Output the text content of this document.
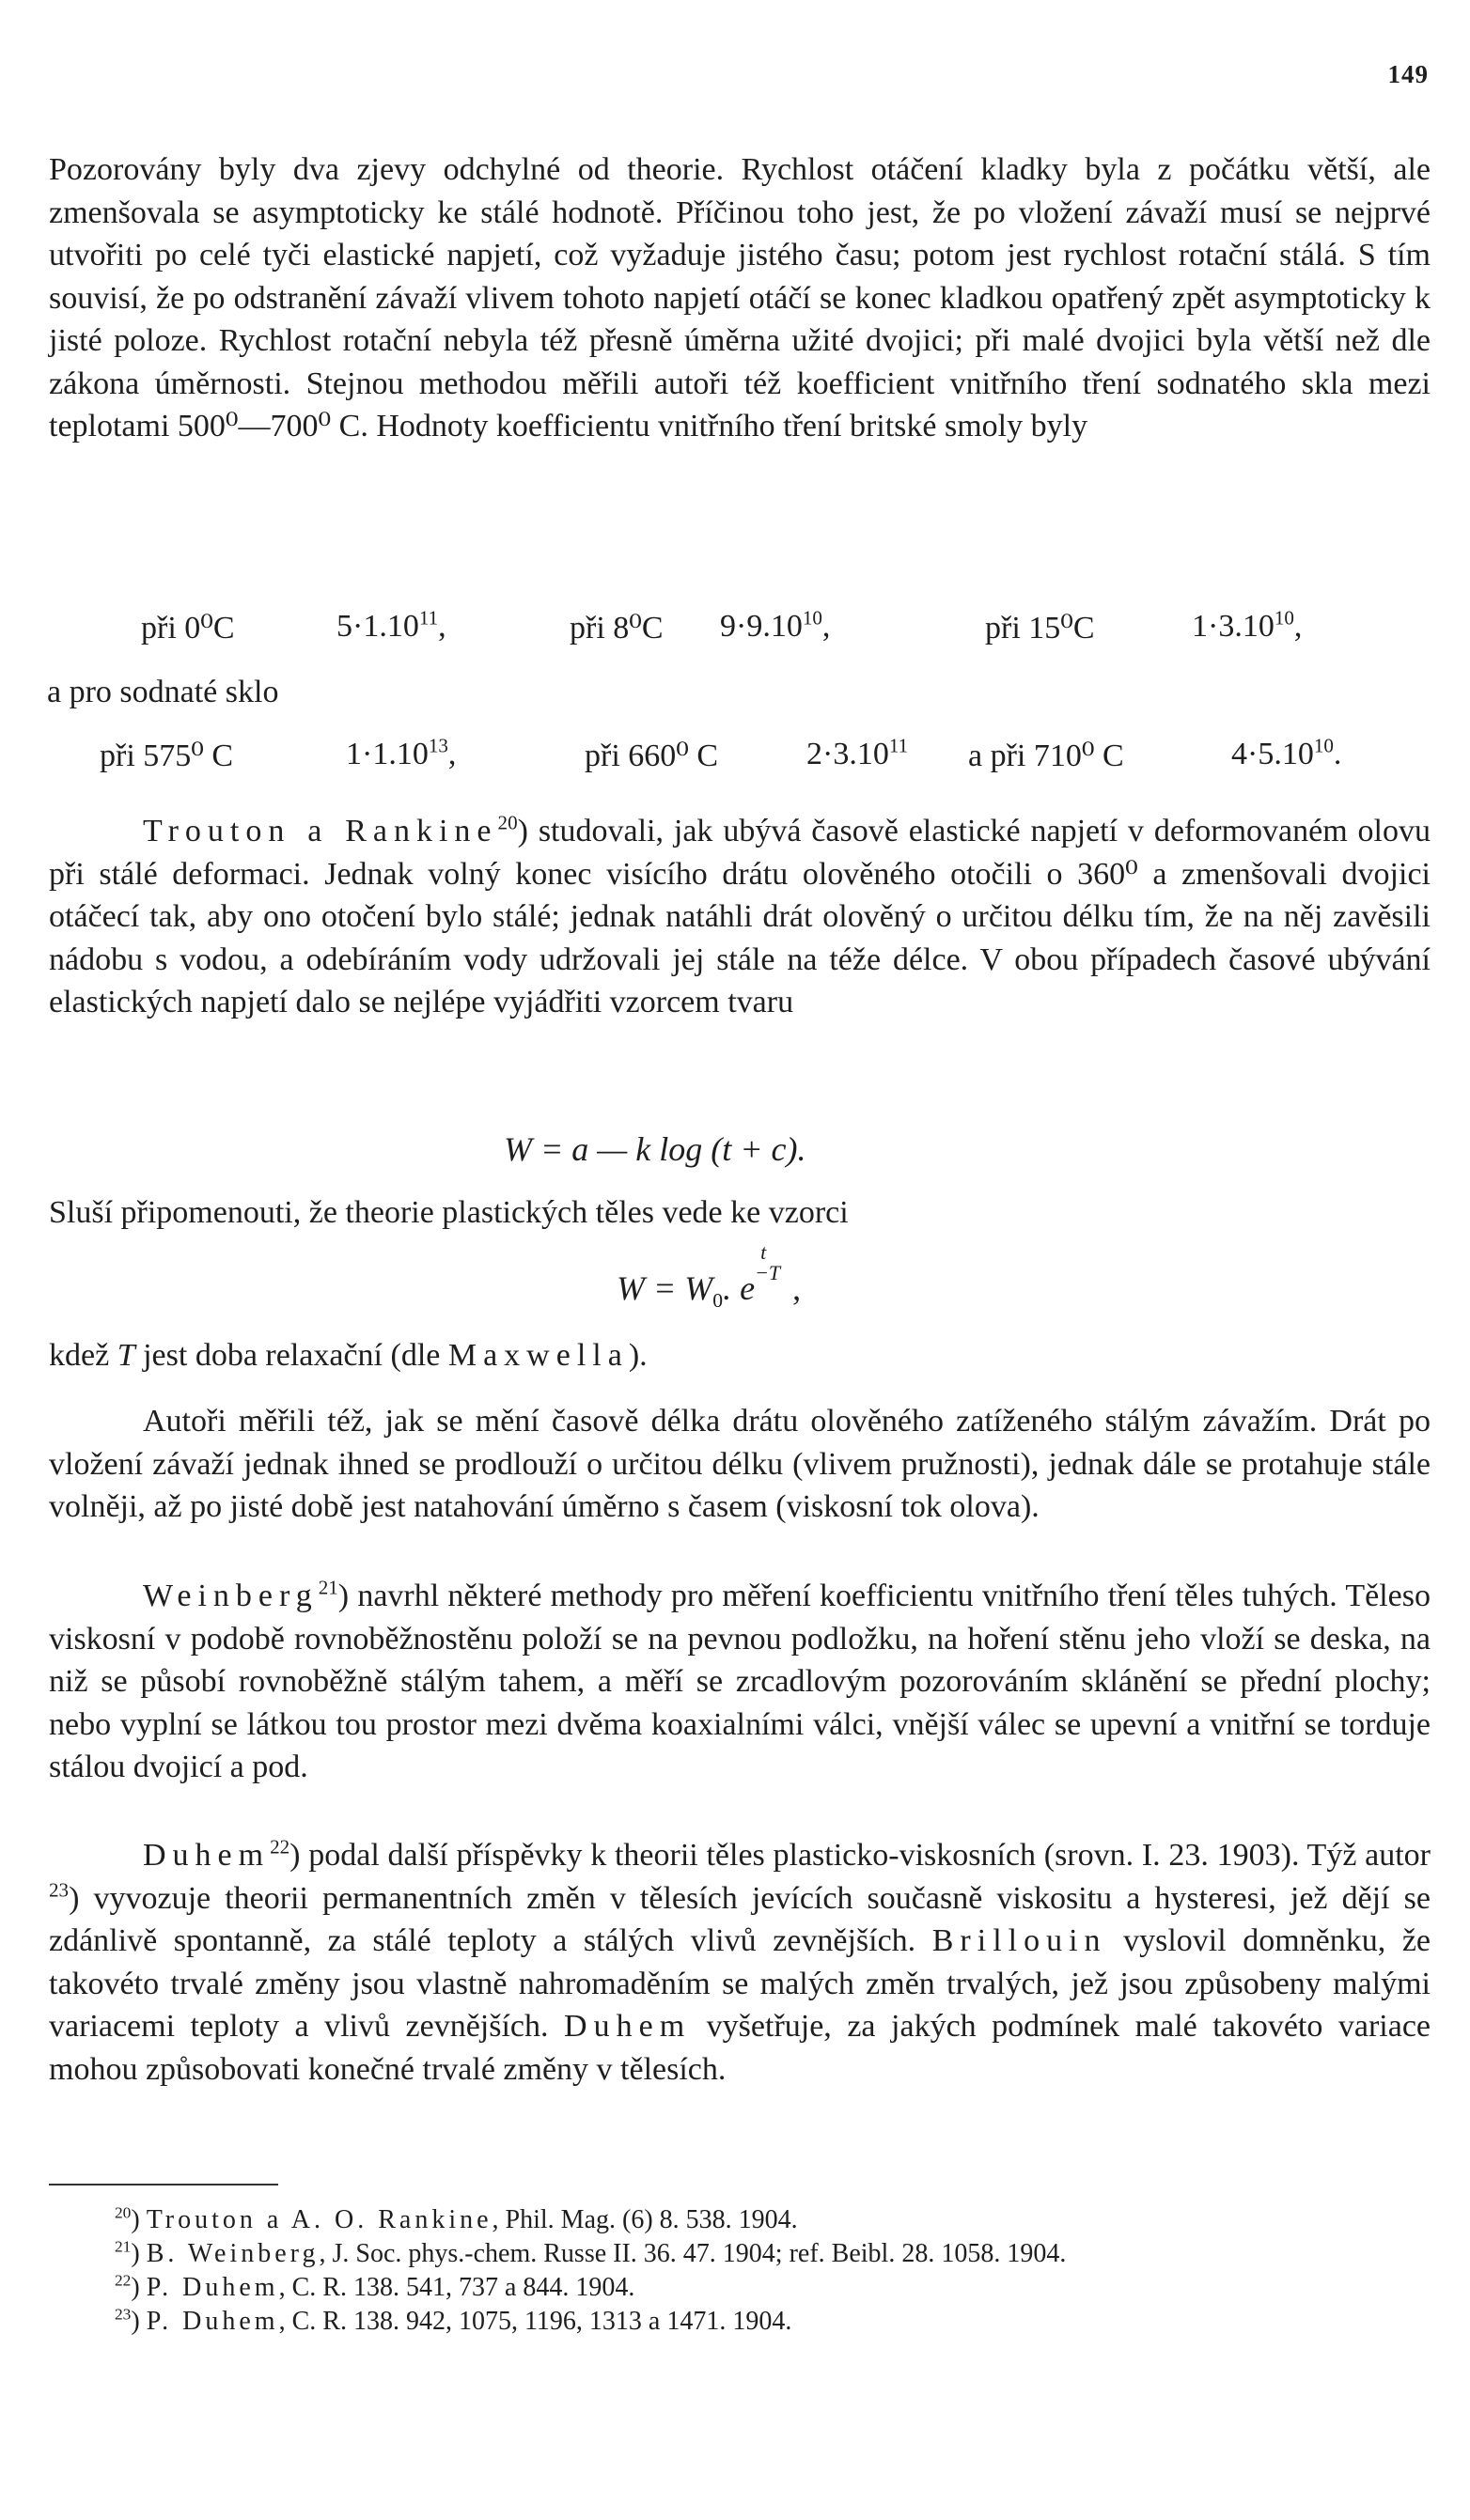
149

Pozorovány byly dva zjevy odchylné od theorie. Rychlost otáčení kladky byla z počátku větší, ale zmenšovala se asymptoticky ke stálé hodnotě. Příčinou toho jest, že po vložení závaží musí se nejprvé utvořiti po celé tyči elastické napjetí, což vyžaduje jistého času; potom jest rychlost rotační stálá. S tím souvisí, že po odstranění závaží vlivem tohoto napjetí otáčí se konec kladkou opatřený zpět asymptoticky k jisté poloze. Rychlost rotační nebyla též přesně úměrna užité dvojici; při malé dvojici byla větší než dle zákona úměrnosti. Stejnou methodou měřili autoři též koefficient vnitřního tření sodnatého skla mezi teplotami 500⁰—700⁰ C. Hodnoty koefficientu vnitřního tření britské smoly byly

při 0⁰C	$5\cdot 1.10^{11}$,	při 8⁰C $9\cdot 9.10^{10}$,	při 15⁰C	$1\cdot 3.10^{10}$,
a pro sodnaté sklo
při 575⁰ C	$1\cdot 1.10^{13}$,	při 660⁰ C	$2\cdot 3.10^{11}$ a při 710⁰ C	$4\cdot 5.10^{10}$.

Trouton a Rankine$^{20}$) studovali, jak ubývá časově elastické napjetí v deformovaném olovu při stálé deformaci. Jednak volný konec visícího drátu olověného otočili o 360⁰ a zmenšovali dvojici otáčecí tak, aby ono otočení bylo stálé; jednak natáhli drát olověný o určitou délku tím, že na něj zavěsili nádobu s vodou, a odebíráním vody udržovali jej stále na téže délce. V obou případech časové ubývání elastických napjetí dalo se nejlépe vyjádřiti vzorcem tvaru

W = a — k log (t + c).

Sluší připomenouti, že theorie plastických těles vede ke vzorci

$W = W_0$. e
t
−T ,

kdež T jest doba relaxační (dle Maxwella).

Autoři měřili též, jak se mění časově délka drátu olověného zatíženého stálým závažím. Drát po vložení závaží jednak ihned se prodlouží o určitou délku (vlivem pružnosti), jednak dále se protahuje stále volněji, až po jisté době jest natahování úměrno s časem (viskosní tok olova).

Weinberg$^{21}$) navrhl některé methody pro měření koefficientu vnitřního tření těles tuhých. Těleso viskosní v podobě rovnoběžnostěnu položí se na pevnou podložku, na hoření stěnu jeho vloží se deska, na niž se působí rovnoběžně stálým tahem, a měří se zrcadlovým pozorováním sklánění se přední plochy; nebo vyplní se látkou tou prostor mezi dvěma koaxialními válci, vnější válec se upevní a vnitřní se torduje stálou dvojicí a pod.

Duhem$^{22}$) podal další příspěvky k theorii těles plasticko-viskosních (srovn. I. 23. 1903). Týž autor $^{23}$) vyvozuje theorii permanentních změn v tělesích jevících současně viskositu a hysteresi, jež dějí se zdánlivě spontanně, za stálé teploty a stálých vlivů zevnějších. Brillouin vyslovil domněnku, že takovéto trvalé změny jsou vlastně nahromaděním se malých změn trvalých, jež jsou způsobeny malými variacemi teploty a vlivů zevnějších. Duhem vyšetřuje, za jakých podmínek malé takovéto variace mohou způsobovati konečné trvalé změny v tělesích.

$^{20}$) Trouton a A. O. Rankine, Phil. Mag. (6) 8. 538. 1904.
$^{21}$) B. Weinberg, J. Soc. phys.-chem. Russe II. 36. 47. 1904; ref. Beibl. 28. 1058. 1904.
$^{22}$) P. Duhem, C. R. 138. 541, 737 a 844. 1904.
$^{23}$) P. Duhem, C. R. 138. 942, 1075, 1196, 1313 a 1471. 1904.
